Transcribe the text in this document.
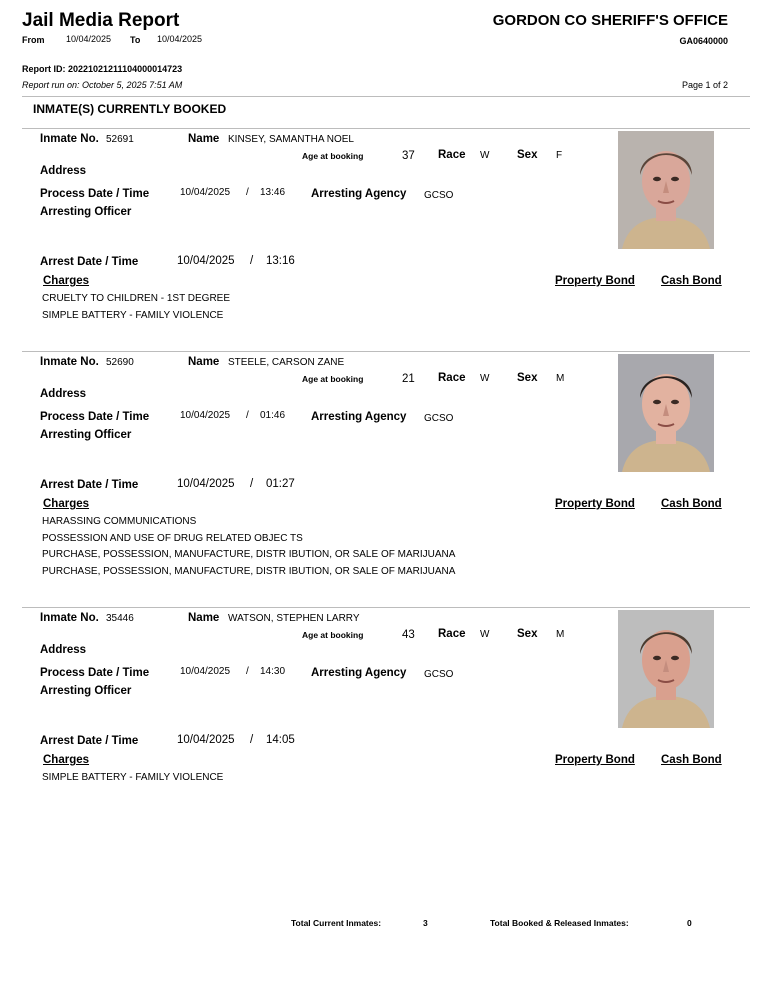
Jail Media Report	GORDON CO SHERIFF'S OFFICE
From 10/04/2025 To 10/04/2025	GA0640000
Report ID: 20221021211104000014723
Report run on: October 5, 2025 7:51 AM	Page 1 of 2
INMATE(S) CURRENTLY BOOKED
Inmate No. 52691	Name KINSEY, SAMANTHA NOEL
Age at booking	37 Race W Sex F
Address
Process Date / Time	10/04/2025 / 13:46 Arresting Agency GCSO
Arresting Officer
Arrest Date / Time	10/04/2025 / 13:16
Charges	Property Bond Cash Bond
CRUELTY TO CHILDREN - 1ST DEGREE
SIMPLE BATTERY - FAMILY VIOLENCE
Inmate No. 52690	Name STEELE, CARSON ZANE
Age at booking	21 Race W Sex M
Address
Process Date / Time	10/04/2025 / 01:46 Arresting Agency GCSO
Arresting Officer
Arrest Date / Time	10/04/2025 / 01:27
Charges	Property Bond Cash Bond
HARASSING COMMUNICATIONS
POSSESSION AND USE OF DRUG RELATED OBJEC TS
PURCHASE, POSSESSION, MANUFACTURE, DISTR IBUTION, OR SALE OF MARIJUANA
PURCHASE, POSSESSION, MANUFACTURE, DISTR IBUTION, OR SALE OF MARIJUANA
Inmate No. 35446	Name WATSON, STEPHEN LARRY
Age at booking	43 Race W Sex M
Address
Process Date / Time	10/04/2025 / 14:30 Arresting Agency GCSO
Arresting Officer
Arrest Date / Time	10/04/2025 / 14:05
Charges	Property Bond Cash Bond
SIMPLE BATTERY - FAMILY VIOLENCE
Total Current Inmates:	3	Total Booked & Released Inmates:	0
